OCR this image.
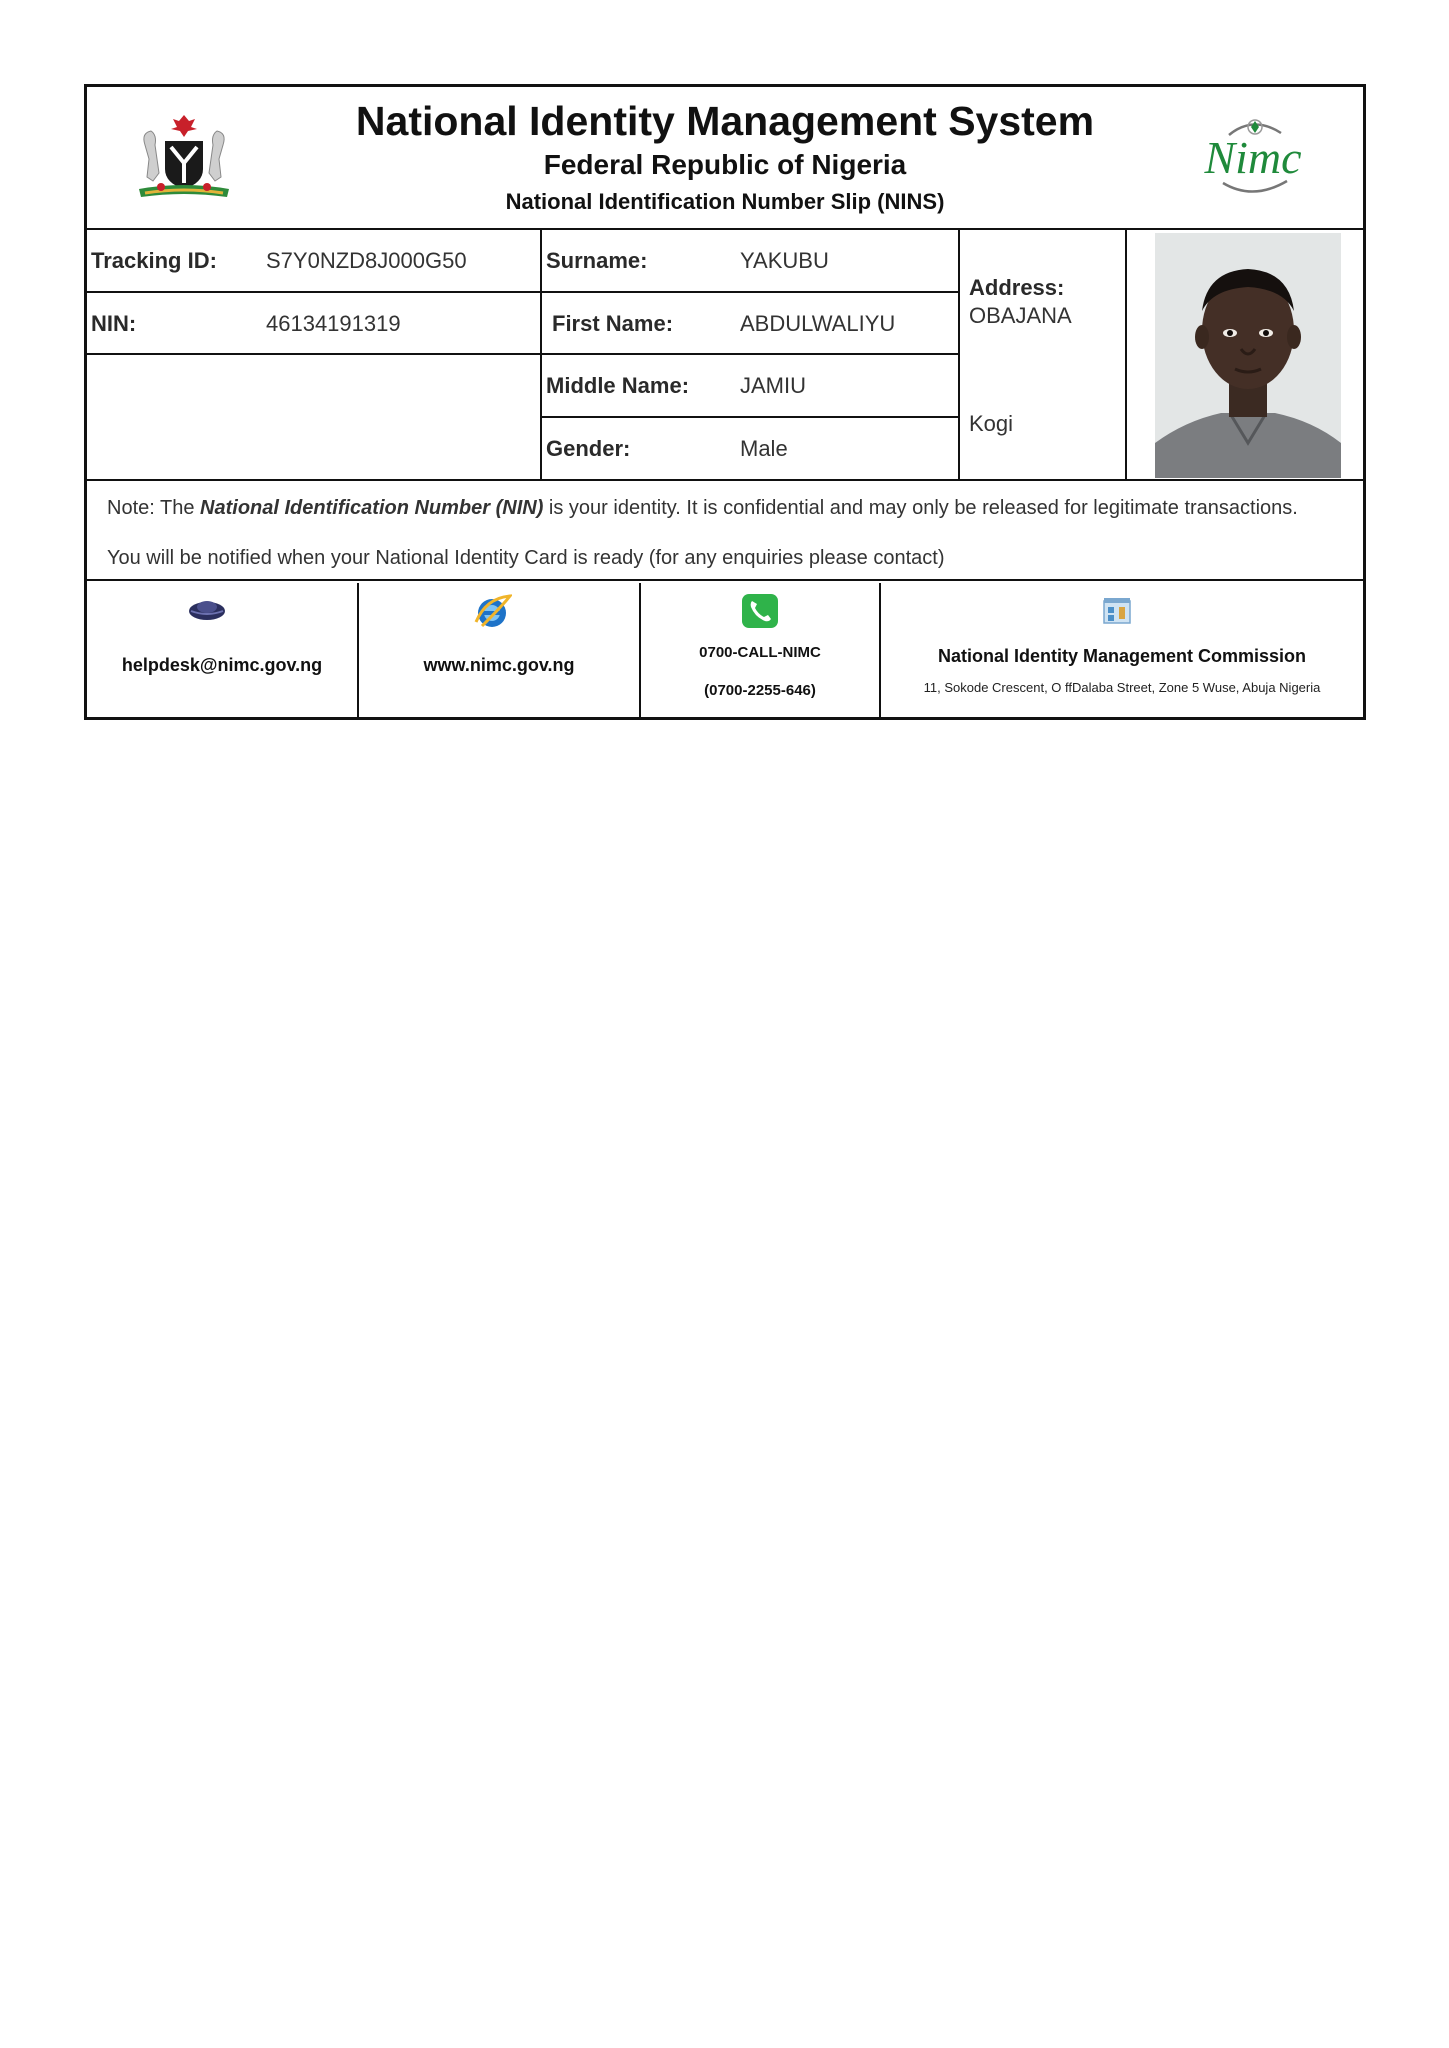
National Identity Management System
Federal Republic of Nigeria
National Identification Number Slip (NINS)
Nimc
Tracking ID: S7Y0NZD8J000G50	Surname:	YAKUBU
NIN:	46134191319	First Name:	ABDULWALIYU
Middle Name: JAMIU
Gender:	Male
Address:
OBAJANA
Kogi
Note: The National Identification Number (NIN) is your identity. It is confidential and may only be released for legitimate transactions.
You will be notified when your National Identity Card is ready (for any enquiries please contact)
helpdesk@nimc.gov.ng	www.nimc.gov.ng
0700-CALL-NIMC
(0700-2255-646)
National Identity Management Commission
11, Sokode Crescent, O ffDalaba Street, Zone 5 Wuse, Abuja Nigeria
